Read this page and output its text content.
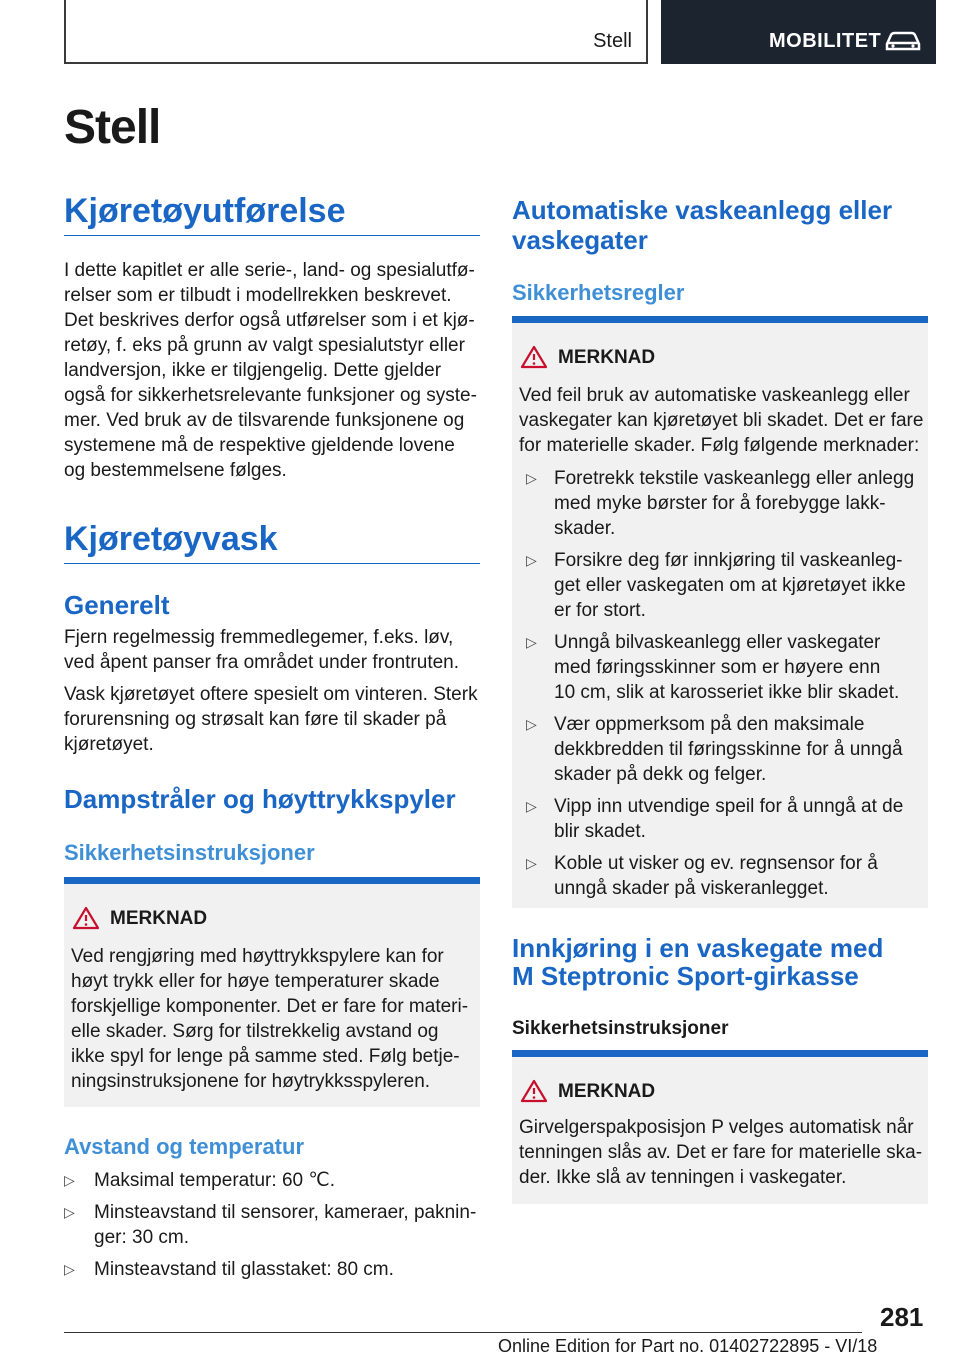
Stell	MOBILITET
Stell
Kjøretøyutførelse
I dette kapitlet er alle serie-, land- og spesialutfø-
relser som er tilbudt i modellrekken beskrevet.
Det beskrives derfor også utførelser som i et kjø-
retøy, f. eks på grunn av valgt spesialutstyr eller
landversjon, ikke er tilgjengelig. Dette gjelder
også for sikkerhetsrelevante funksjoner og syste-
mer. Ved bruk av de tilsvarende funksjonene og
systemene må de respektive gjeldende lovene
og bestemmelsene følges.
Kjøretøyvask
Generelt
Fjern regelmessig fremmedlegemer, f.eks. løv,
ved åpent panser fra området under frontruten.
Vask kjøretøyet oftere spesielt om vinteren. Sterk
forurensning og strøsalt kan føre til skader på
kjøretøyet.
Dampstråler og høyttrykkspyler
Sikkerhetsinstruksjoner
MERKNAD
Ved rengjøring med høyttrykkspylere kan for
høyt trykk eller for høye temperaturer skade
forskjellige komponenter. Det er fare for materi-
elle skader. Sørg for tilstrekkelig avstand og
ikke spyl for lenge på samme sted. Følg betje-
ningsinstruksjonene for høytrykksspyleren.
Avstand og temperatur
▷ Maksimal temperatur: 60 ℃.
▷ Minsteavstand til sensorer, kameraer, paknin-
ger: 30 cm.
▷ Minsteavstand til glasstaket: 80 cm.
Automatiske vaskeanlegg eller
vaskegater
Sikkerhetsregler
MERKNAD
Ved feil bruk av automatiske vaskeanlegg eller
vaskegater kan kjøretøyet bli skadet. Det er fare
for materielle skader. Følg følgende merknader:
▷ Foretrekk tekstile vaskeanlegg eller anlegg
med myke børster for å forebygge lakk-
skader.
▷ Forsikre deg før innkjøring til vaskeanleg-
get eller vaskegaten om at kjøretøyet ikke
er for stort.
▷ Unngå bilvaskeanlegg eller vaskegater
med føringsskinner som er høyere enn
10 cm, slik at karosseriet ikke blir skadet.
▷ Vær oppmerksom på den maksimale
dekkbredden til føringsskinne for å unngå
skader på dekk og felger.
▷ Vipp inn utvendige speil for å unngå at de
blir skadet.
▷ Koble ut visker og ev. regnsensor for å
unngå skader på viskeranlegget.
Innkjøring i en vaskegate med
M Steptronic Sport-girkasse
Sikkerhetsinstruksjoner
MERKNAD
Girvelgerspakposisjon P velges automatisk når
tenningen slås av. Det er fare for materielle ska-
der. Ikke slå av tenningen i vaskegater.
281
Online Edition for Part no. 01402722895 - VI/18
